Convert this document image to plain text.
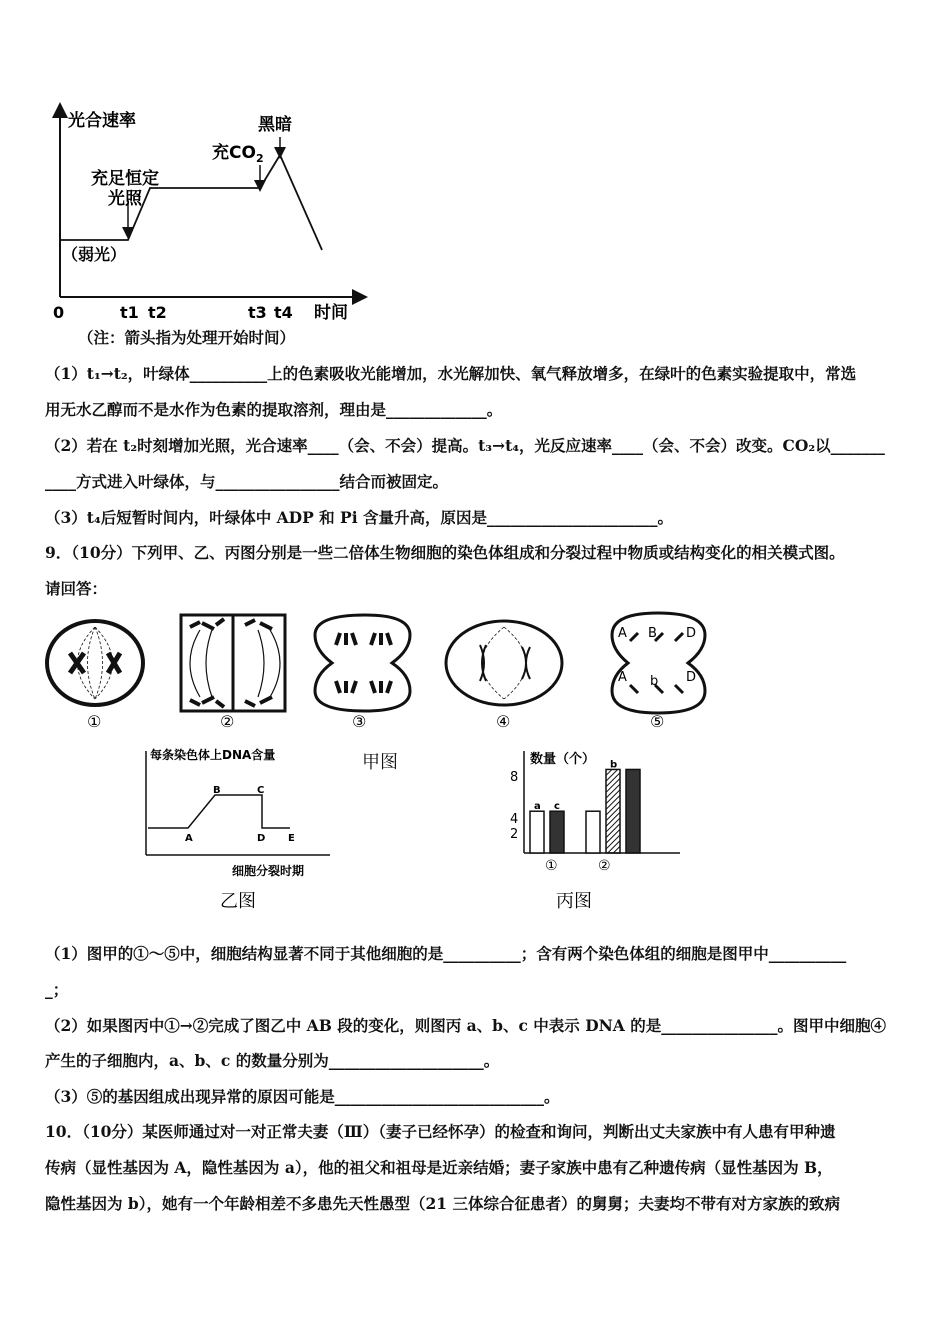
光合速率
时间
0
黑暗
充$CO_2$
充足恒定
光照
（弱光）
t1 t2	t3 t4
（注：箭头指为处理开始时间）
（1）t₁→t₂，叶绿体__________上的色素吸收光能增加，水光解加快、氧气释放增多，在绿叶的色素实验提取中，常选
用无水乙醇而不是水作为色素的提取溶剂，理由是_____________。
（2）若在 t₂时刻增加光照，光合速率____（会、不会）提高。t₃→t₄，光反应速率____（会、不会）改变。CO₂以_______
____方式进入叶绿体，与________________结合而被固定。
（3）t₄后短暂时间内，叶绿体中 ADP 和 Pi 含量升高，原因是______________________。
9．（10分）下列甲、乙、丙图分别是一些二倍体生物细胞的染色体组成和分裂过程中物质或结构变化的相关模式图。
请回答：
①	②	③	④
A B D
A b D
⑤
每条染色体上DNA含量
细胞分裂时期
A
B	C
D E
乙图
甲图	数量（个）
8
4
2
①	②
丙图
a c
b
（1）图甲的①～⑤中，细胞结构显著不同于其他细胞的是__________；含有两个染色体组的细胞是图甲中__________
_；
（2）如果图丙中①→②完成了图乙中 AB 段的变化，则图丙 a、b、c 中表示 DNA 的是_______________。图甲中细胞④
产生的子细胞内，a、b、c 的数量分别为____________________。
（3）⑤的基因组成出现异常的原因可能是___________________________。
10．（10分）某医师通过对一对正常夫妻（Ⅲ）（妻子已经怀孕）的检查和询问，判断出丈夫家族中有人患有甲种遗
传病（显性基因为 A，隐性基因为 a），他的祖父和祖母是近亲结婚；妻子家族中患有乙种遗传病（显性基因为 B，
隐性基因为 b），她有一个年龄相差不多患先天性愚型（21 三体综合征患者）的舅舅；夫妻均不带有对方家族的致病
